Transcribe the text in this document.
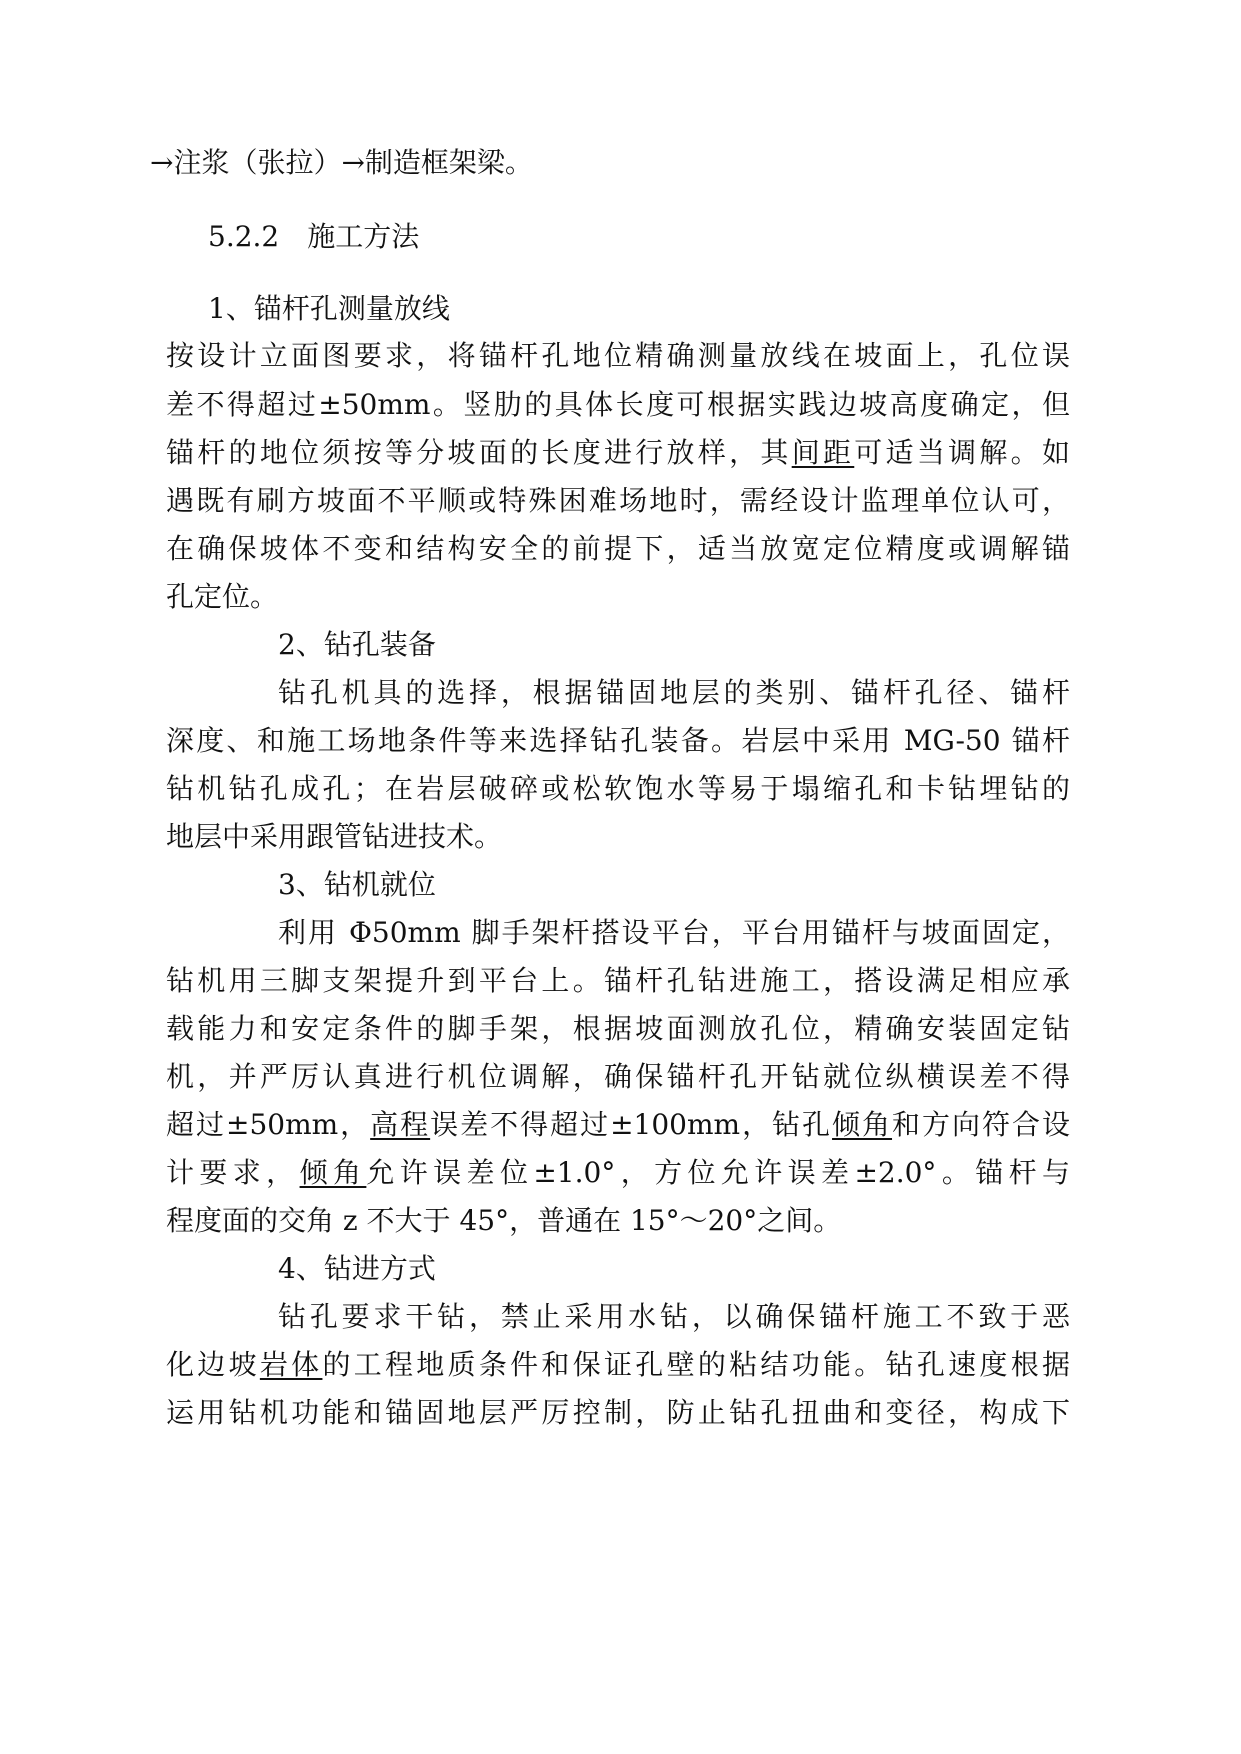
→注浆（张拉）→制造框架梁。
5.2.2　施工方法
1、锚杆孔测量放线
按设计立面图要求，将锚杆孔地位精确测量放线在坡面上，孔位误
差不得超过±50mm。竖肋的具体长度可根据实践边坡高度确定，但
锚杆的地位须按等分坡面的长度进行放样，其间距可适当调解。如
遇既有刷方坡面不平顺或特殊困难场地时，需经设计监理单位认可，
在确保坡体不变和结构安全的前提下，适当放宽定位精度或调解锚
孔定位。
2、钻孔装备
钻孔机具的选择，根据锚固地层的类别、锚杆孔径、锚杆
深度、和施工场地条件等来选择钻孔装备。岩层中采用 MG-50 锚杆
钻机钻孔成孔；在岩层破碎或松软饱水等易于塌缩孔和卡钻埋钻的
地层中采用跟管钻进技术。
3、钻机就位
利用 Φ50mm 脚手架杆搭设平台，平台用锚杆与坡面固定，
钻机用三脚支架提升到平台上。锚杆孔钻进施工，搭设满足相应承
载能力和安定条件的脚手架，根据坡面测放孔位，精确安装固定钻
机，并严厉认真进行机位调解，确保锚杆孔开钻就位纵横误差不得
超过±50mm，高程误差不得超过±100mm，钻孔倾角和方向符合设
计要求，倾角允许误差位±1.0°，方位允许误差±2.0°。锚杆与
程度面的交角 z 不大于 45°，普通在 15°～20°之间。
4、钻进方式
钻孔要求干钻，禁止采用水钻，以确保锚杆施工不致于恶
化边坡岩体的工程地质条件和保证孔壁的粘结功能。钻孔速度根据
运用钻机功能和锚固地层严厉控制，防止钻孔扭曲和变径，构成下
